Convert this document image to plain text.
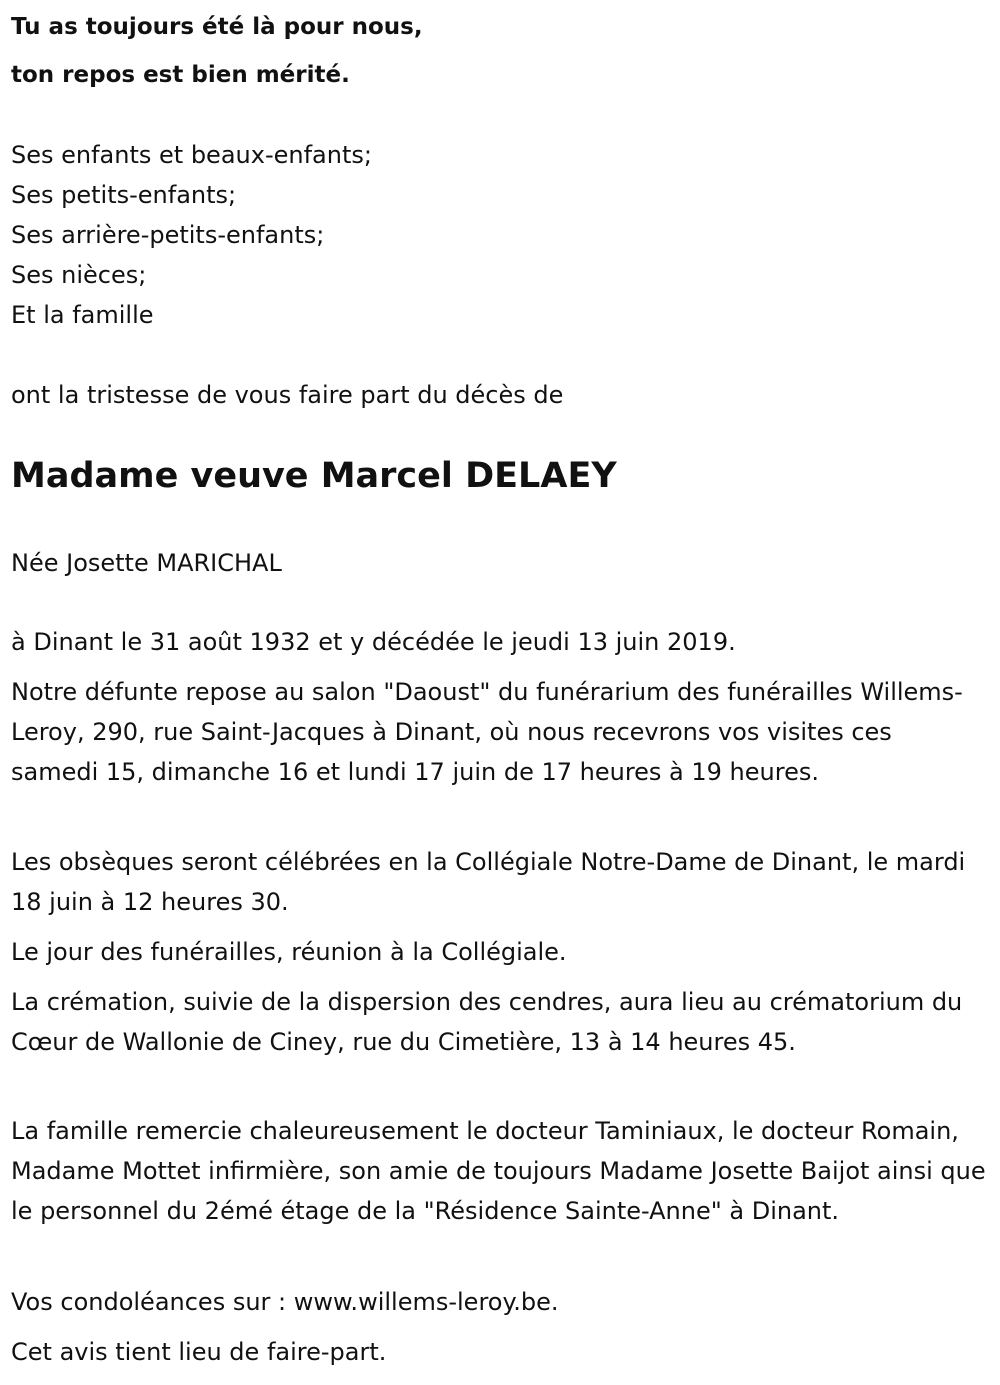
Tu as toujours été là pour nous,
ton repos est bien mérité.
Ses enfants et beaux-enfants;
Ses petits-enfants;
Ses arrière-petits-enfants;
Ses nièces;
Et la famille
ont la tristesse de vous faire part du décès de
Madame veuve Marcel DELAEY
Née Josette MARICHAL
à Dinant le 31 août 1932 et y décédée le jeudi 13 juin 2019.
Notre défunte repose au salon "Daoust" du funérarium des funérailles Willems-Leroy, 290, rue Saint-Jacques à Dinant, où nous recevrons vos visites ces samedi 15, dimanche 16 et lundi 17 juin de 17 heures à 19 heures.
Les obsèques seront célébrées en la Collégiale Notre-Dame de Dinant, le mardi 18 juin à 12 heures 30.
Le jour des funérailles, réunion à la Collégiale.
La crémation, suivie de la dispersion des cendres, aura lieu au crématorium du Cœur de Wallonie de Ciney, rue du Cimetière, 13 à 14 heures 45.
La famille remercie chaleureusement le docteur Taminiaux, le docteur Romain, Madame Mottet infirmière, son amie de toujours Madame Josette Baijot ainsi que le personnel du 2émé étage de la "Résidence Sainte-Anne" à Dinant.
Vos condoléances sur : www.willems-leroy.be.
Cet avis tient lieu de faire-part.
